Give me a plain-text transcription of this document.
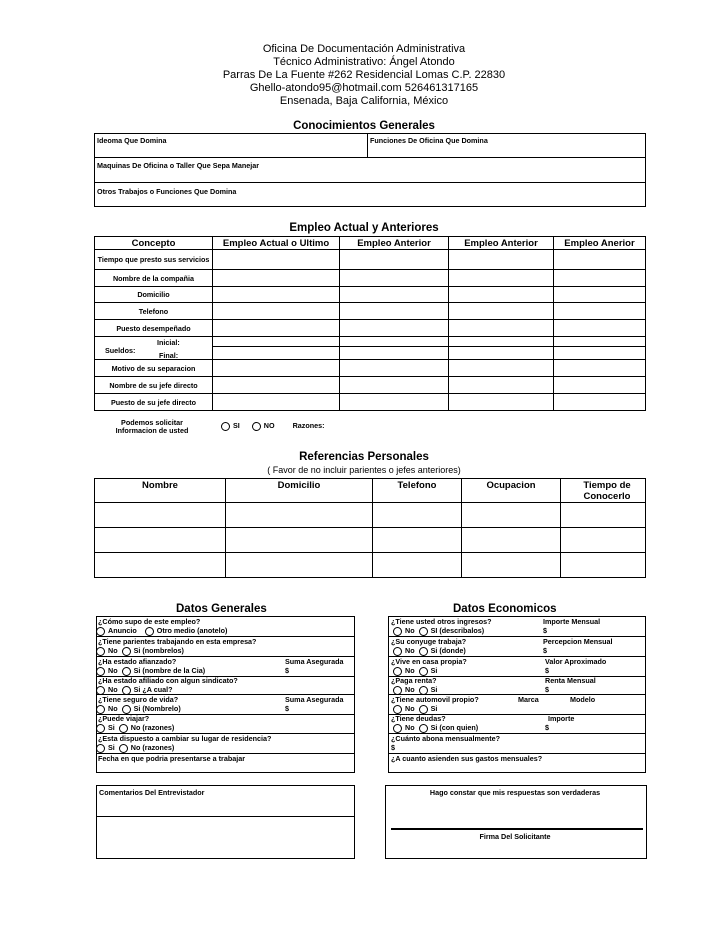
Oficina De Documentación Administrativa
Técnico Administrativo: Ángel Atondo
Parras De La Fuente #262 Residencial Lomas C.P. 22830
Ghello-atondo95@hotmail.com 526461317165
Ensenada, Baja California, México
Conocimientos Generales
Ideoma Que Domina	Funciones De Oficina Que Domina

Maquinas De Oficina o Taller Que Sepa Manejar

Otros Trabajos o Funciones Que Domina
Empleo Actual y Anteriores
Concepto	Empleo Actual o Ultimo	Empleo Anterior	Empleo Anterior	Empleo Anerior
Tiempo que presto sus servicios				
Nombre de la compañia				
Domicilio				
Telefono				
Puesto desempeñado				

Sueldos:
Inicial:
Final:				

Motivo de su separacion				
Nombre de su jefe directo				
Puesto de su jefe directo				
Podemos solicitar Informacion de usted
SI	NO	Razones:
Referencias Personales
( Favor de no incluir parientes o jefes anteriores)
Nombre	Domicilio	Telefono	Ocupacion	Tiempo de Conocerlo

Datos Generales
¿Cómo supo de este empleo?
Anuncio	Otro medio (anotelo)
¿Tiene parientes trabajando en esta empresa?
No Si (nombrelos)
¿Ha estado afianzado?	Suma Asegurada
No Si (nombre de la Cia)	$
¿Ha estado afiliado con algun sindicato?
No Si ¿A cual?
¿Tiene seguro de vida?	Suma Asegurada
No Si (Nombrelo)	$
¿Puede viajar?
Si No (razones)
¿Esta dispuesto a cambiar su lugar de residencia?
Si No (razones)
Fecha en que podria presentarse a trabajar
Datos Economicos
¿Tiene usted otros ingresos?	Importe Mensual
No SI (describalos)	$
¿Su conyuge trabaja?	Percepcion Mensual
No Si (donde)	$
¿Vive en casa propia?	Valor Aproximado
No Si	$
¿Paga renta?	Renta Mensual
No Si	$
¿Tiene automovil propio?	Marca	Modelo
No Si
¿Tiene deudas?	Importe
No Si (con quien)	$
¿Cuánto abona mensualmente?
$
¿A cuanto asienden sus gastos mensuales?
Comentarios Del Entrevistador	Hago constar que mis respuestas son verdaderas
Firma Del Solicitante
